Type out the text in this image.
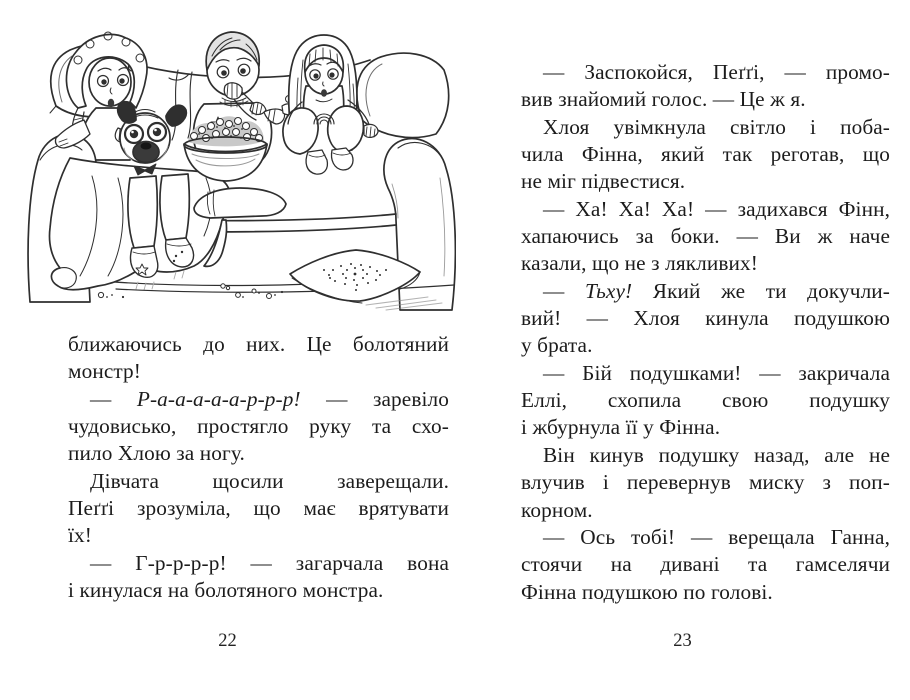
ближаючись до них. Це болотяний
монстр!
— Р-а-а-а-а-а-р-р-р! — заревіло
чудовисько, простягло руку та схо-
пило Хлою за ногу.
Дівчата щосили заверещали.
Пеґґі зрозуміла, що має врятувати
їх!
— Г-р-р-р-р! — загарчала вона
і кинулася на болотяного монстра.
22
— Заспокойся, Пеґґі, — промо-
вив знайомий голос. — Це ж я.
Хлоя увімкнула світло і поба-
чила Фінна, який так реготав, що
не міг підвестися.
— Ха! Ха! Ха! — задихався Фінн,
хапаючись за боки. — Ви ж наче
казали, що не з лякливих!
— Тьху! Який же ти докучли-
вий! — Хлоя кинула подушкою
у брата.
— Бій подушками! — закричала
Еллі, схопила свою подушку
і жбурнула її у Фінна.
Він кинув подушку назад, але не
влучив і перевернув миску з поп-
корном.
— Ось тобі! — верещала Ганна,
стоячи на дивані та гамселячи
Фінна подушкою по голові.
23
